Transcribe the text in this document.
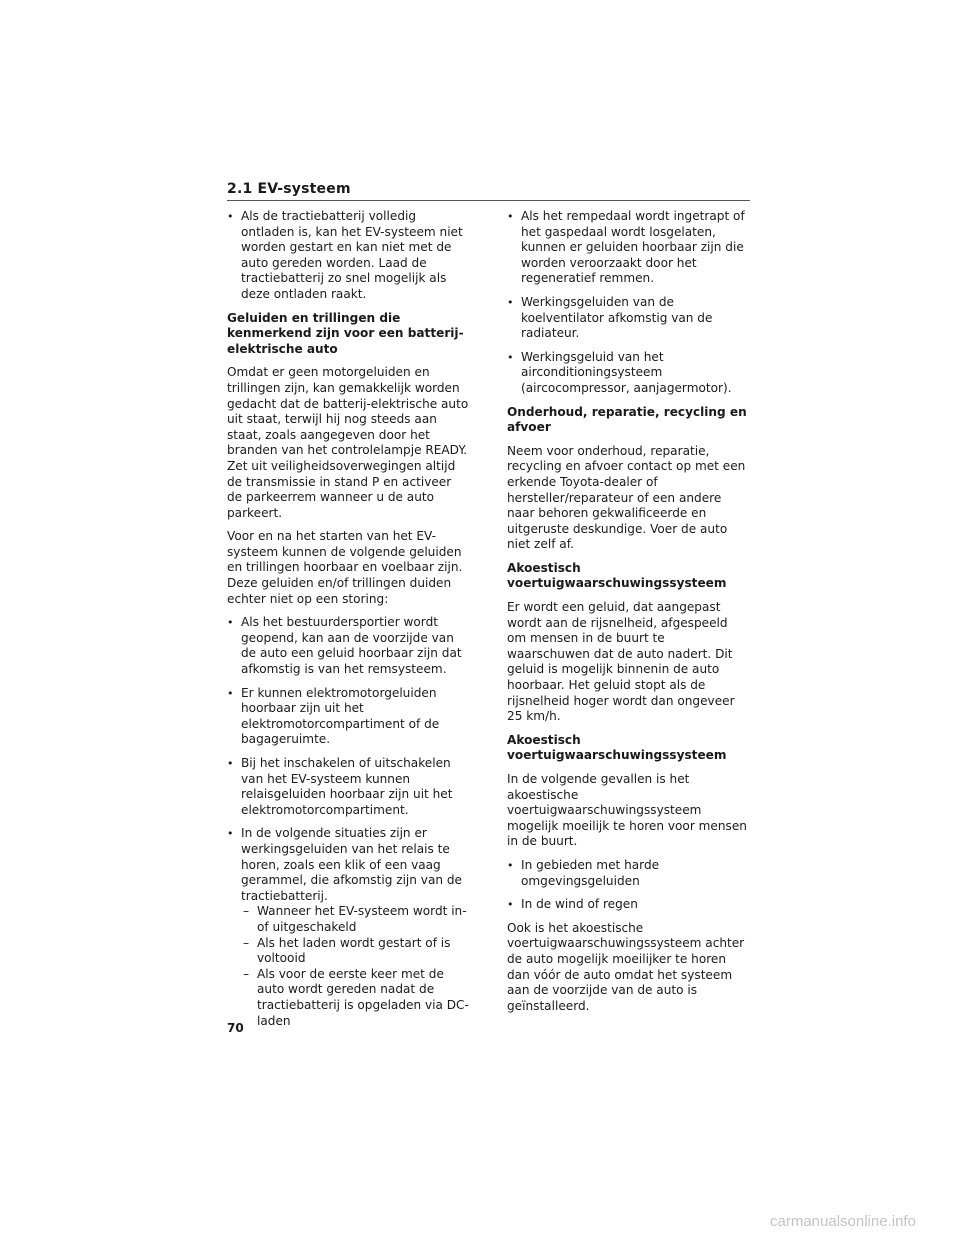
2.1 EV-systeem
• Als de tractiebatterij volledig ontladen is, kan het EV-systeem niet worden gestart en kan niet met de auto gereden worden. Laad de tractiebatterij zo snel mogelijk als deze ontladen raakt.
Geluiden en trillingen die kenmerkend zijn voor een batterij-elektrische auto

Omdat er geen motorgeluiden en trillingen zijn, kan gemakkelijk worden gedacht dat de batterij-elektrische auto uit staat, terwijl hij nog steeds aan staat, zoals aangegeven door het branden van het controlelampje READY. Zet uit veiligheidsoverwegingen altijd de transmissie in stand P en activeer de parkeerrem wanneer u de auto parkeert.

Voor en na het starten van het EV-systeem kunnen de volgende geluiden en trillingen hoorbaar en voelbaar zijn. Deze geluiden en/of trillingen duiden echter niet op een storing:

• Als het bestuurdersportier wordt geopend, kan aan de voorzijde van de auto een geluid hoorbaar zijn dat afkomstig is van het remsysteem.
• Er kunnen elektromotorgeluiden hoorbaar zijn uit het elektromotorcompartiment of de bagageruimte.
• Bij het inschakelen of uitschakelen van het EV-systeem kunnen relaisgeluiden hoorbaar zijn uit het elektromotorcompartiment.
• In de volgende situaties zijn er werkingsgeluiden van het relais te horen, zoals een klik of een vaag gerammel, die afkomstig zijn van de tractiebatterij.
– Wanneer het EV-systeem wordt in- of uitgeschakeld
– Als het laden wordt gestart of is voltooid
– Als voor de eerste keer met de auto wordt gereden nadat de tractiebatterij is opgeladen via DC-laden
• Als het rempedaal wordt ingetrapt of het gaspedaal wordt losgelaten, kunnen er geluiden hoorbaar zijn die worden veroorzaakt door het regeneratief remmen.
• Werkingsgeluiden van de koelventilator afkomstig van de radiateur.
• Werkingsgeluid van het airconditioningsysteem (aircocompressor, aanjagermotor).
Onderhoud, reparatie, recycling en afvoer

Neem voor onderhoud, reparatie, recycling en afvoer contact op met een erkende Toyota-dealer of hersteller/reparateur of een andere naar behoren gekwalificeerde en uitgeruste deskundige. Voer de auto niet zelf af.

Akoestisch voertuigwaarschuwingssysteem

Er wordt een geluid, dat aangepast wordt aan de rijsnelheid, afgespeeld om mensen in de buurt te waarschuwen dat de auto nadert. Dit geluid is mogelijk binnenin de auto hoorbaar. Het geluid stopt als de rijsnelheid hoger wordt dan ongeveer 25 km/h.

Akoestisch voertuigwaarschuwingssysteem

In de volgende gevallen is het akoestische voertuigwaarschuwingssysteem mogelijk moeilijk te horen voor mensen in de buurt.

• In gebieden met harde omgevingsgeluiden
• In de wind of regen

Ook is het akoestische voertuigwaarschuwingssysteem achter de auto mogelijk moeilijker te horen dan vóór de auto omdat het systeem aan de voorzijde van de auto is geïnstalleerd.

70
carmanualsonline.info
